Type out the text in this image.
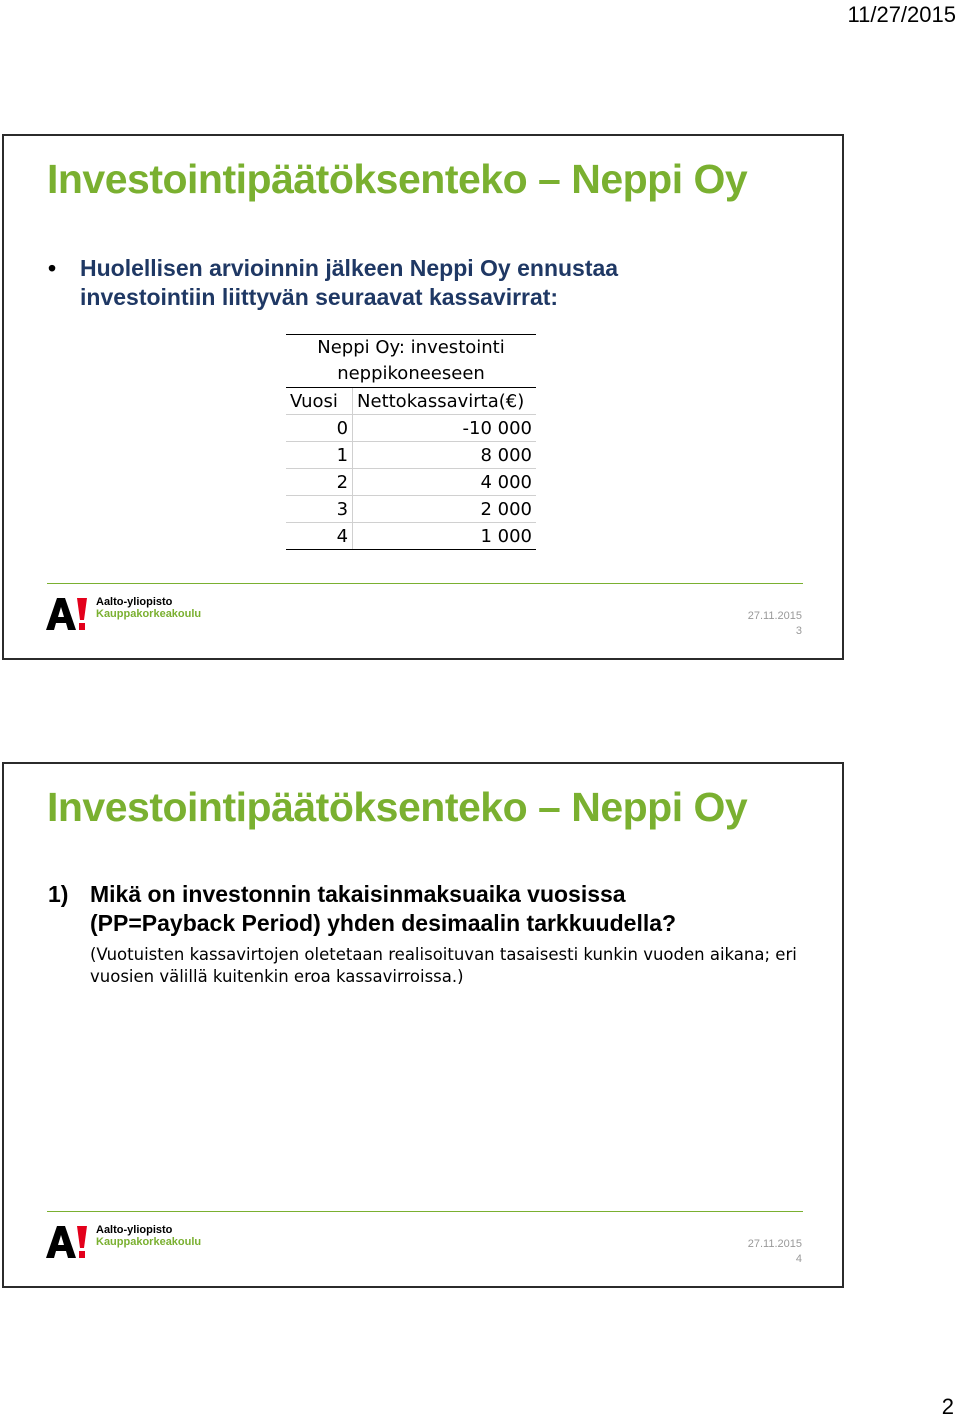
11/27/2015
Investointipäätöksenteko – Neppi Oy
• Huolellisen arvioinnin jälkeen Neppi Oy ennustaa investointiin liittyvän seuraavat kassavirrat:
Neppi Oy: investointi neppikoneeseen	
Vuosi	Nettokassavirta(€)
0	-10 000
1	8 000
2	4 000
3	2 000
4	1 000
Aalto-yliopisto
Kauppakorkeakoulu	27.11.2015
3
Investointipäätöksenteko – Neppi Oy
1) Mikä on investonnin takaisinmaksuaika vuosissa (PP=Payback Period) yhden desimaalin tarkkuudella?
(Vuotuisten kassavirtojen oletetaan realisoituvan tasaisesti kunkin vuoden aikana; eri vuosien välillä kuitenkin eroa kassavirroissa.)
Aalto-yliopisto
Kauppakorkeakoulu	27.11.2015
4
2
